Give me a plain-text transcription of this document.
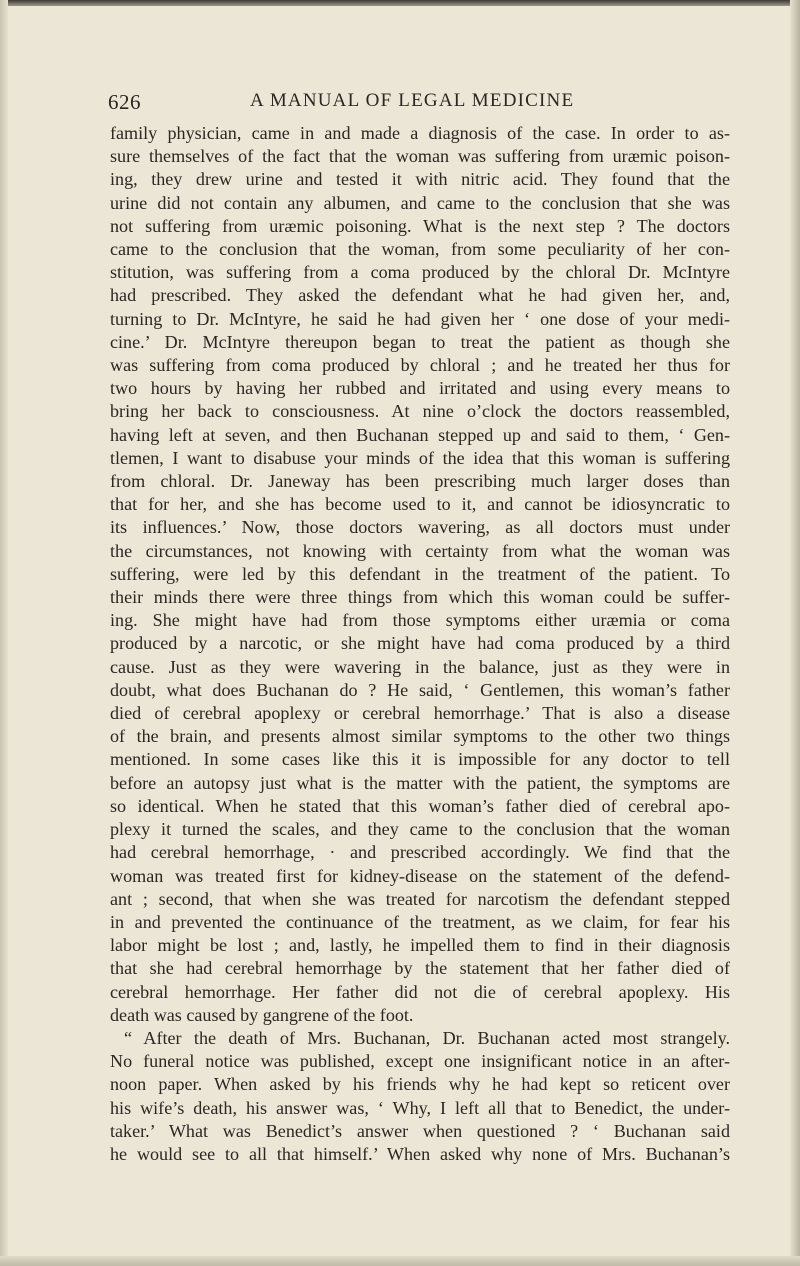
626	A MANUAL OF LEGAL MEDICINE
family physician, came in and made a diagnosis of the case. In order to as-
sure themselves of the fact that the woman was suffering from uræmic poison-
ing, they drew urine and tested it with nitric acid. They found that the
urine did not contain any albumen, and came to the conclusion that she was
not suffering from uræmic poisoning. What is the next step ? The doctors
came to the conclusion that the woman, from some peculiarity of her con-
stitution, was suffering from a coma produced by the chloral Dr. McIntyre
had prescribed. They asked the defendant what he had given her, and,
turning to Dr. McIntyre, he said he had given her ‘ one dose of your medi-
cine.’ Dr. McIntyre thereupon began to treat the patient as though she
was suffering from coma produced by chloral ; and he treated her thus for
two hours by having her rubbed and irritated and using every means to
bring her back to consciousness. At nine o’clock the doctors reassembled,
having left at seven, and then Buchanan stepped up and said to them, ‘ Gen-
tlemen, I want to disabuse your minds of the idea that this woman is suffering
from chloral. Dr. Janeway has been prescribing much larger doses than
that for her, and she has become used to it, and cannot be idiosyncratic to
its influences.’ Now, those doctors wavering, as all doctors must under
the circumstances, not knowing with certainty from what the woman was
suffering, were led by this defendant in the treatment of the patient. To
their minds there were three things from which this woman could be suffer-
ing. She might have had from those symptoms either uræmia or coma
produced by a narcotic, or she might have had coma produced by a third
cause. Just as they were wavering in the balance, just as they were in
doubt, what does Buchanan do ? He said, ‘ Gentlemen, this woman’s father
died of cerebral apoplexy or cerebral hemorrhage.’ That is also a disease
of the brain, and presents almost similar symptoms to the other two things
mentioned. In some cases like this it is impossible for any doctor to tell
before an autopsy just what is the matter with the patient, the symptoms are
so identical. When he stated that this woman’s father died of cerebral apo-
plexy it turned the scales, and they came to the conclusion that the woman
had cerebral hemorrhage, · and prescribed accordingly. We find that the
woman was treated first for kidney-disease on the statement of the defend-
ant ; second, that when she was treated for narcotism the defendant stepped
in and prevented the continuance of the treatment, as we claim, for fear his
labor might be lost ; and, lastly, he impelled them to find in their diagnosis
that she had cerebral hemorrhage by the statement that her father died of
cerebral hemorrhage. Her father did not die of cerebral apoplexy. His
death was caused by gangrene of the foot.
“ After the death of Mrs. Buchanan, Dr. Buchanan acted most strangely.
No funeral notice was published, except one insignificant notice in an after-
noon paper. When asked by his friends why he had kept so reticent over
his wife’s death, his answer was, ‘ Why, I left all that to Benedict, the under-
taker.’ What was Benedict’s answer when questioned ? ‘ Buchanan said
he would see to all that himself.’ When asked why none of Mrs. Buchanan’s
